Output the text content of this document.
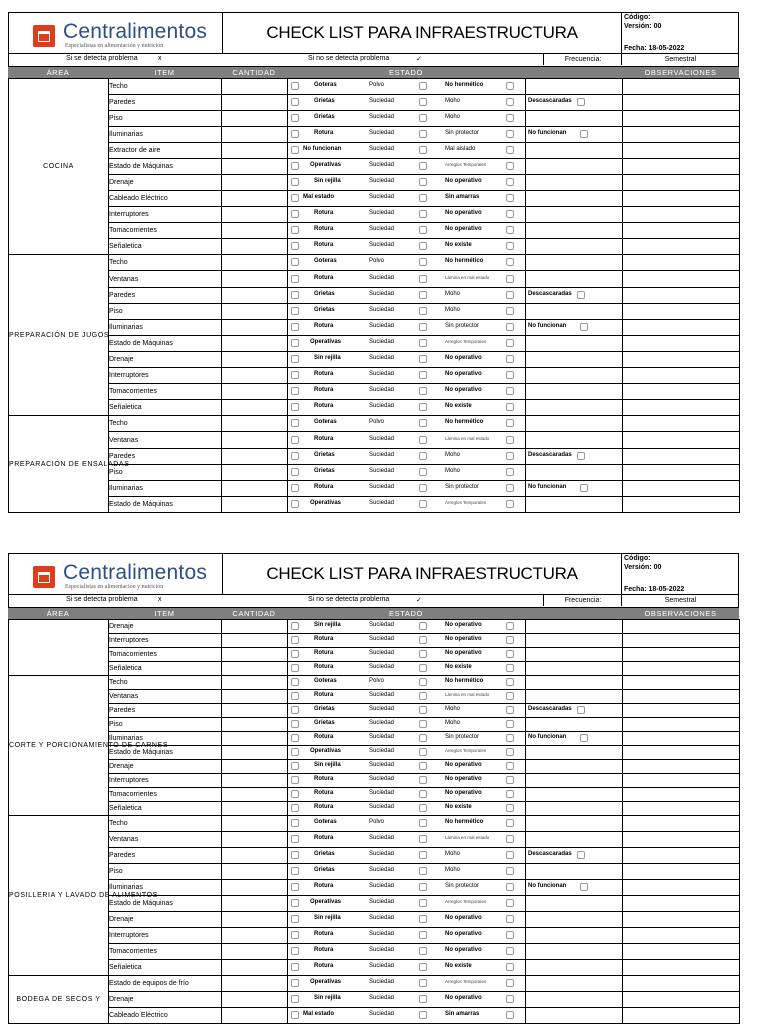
Centralimentos
Especialistas en alimentación y nutrición
CHECK LIST PARA INFRAESTRUCTURA
Código:
Versión: 00
Fecha: 18-05-2022
Si se detecta problema	x	Si no se detecta problema	✓	Frecuencia:	Semestral
ÁREA	ITEM	CANTIDAD	ESTADO	OBSERVACIONES
COCINA	Techo		Goteras Polvo No hermético		

	Paredes		Grietas Suciedad Moho	Descascaradas	

	Piso		Grietas Suciedad Moho		

	Iluminarias		Rotura Suciedad Sin protector	No funcionan	

	Extractor de aire		No funcionan Suciedad Mal aislado		

	Estado de Máquinas		Operativas Suciedad Arreglos Temporales		

	Drenaje		Sin rejilla Suciedad No operativo		

	Cableado Eléctrico		Mal estado Suciedad Sin amarras		

	Interruptores		Rotura Suciedad No operativo		

	Tomacorrientes		Rotura Suciedad No operativo		

	Señaletica		Rotura Suciedad No existe		

PREPARACIÓN DE JUGOS	Techo		Goteras Polvo No hermético		

	Ventanas		Rotura Suciedad Lámina en mal estado		

	Paredes		Grietas Suciedad Moho	Descascaradas	

	Piso		Grietas Suciedad Moho		

	Iluminarias		Rotura Suciedad Sin protector	No funcionan	

	Estado de Máquinas		Operativas Suciedad Arreglos Temporales		

	Drenaje		Sin rejilla Suciedad No operativo		

	Interruptores		Rotura Suciedad No operativo		

	Tomacorrientes		Rotura Suciedad No operativo		

	Señaletica		Rotura Suciedad No existe		

PREPARACIÓN DE ENSALADAS	Techo		Goteras Polvo No hermético		

	Ventanas		Rotura Suciedad Lámina en mal estado		

	Paredes		Grietas Suciedad Moho	Descascaradas	

	Piso		Grietas Suciedad Moho		

	Iluminarias		Rotura Suciedad Sin protector	No funcionan	

	Estado de Máquinas		Operativas Suciedad Arreglos Temporales		

Centralimentos
Especialistas en alimentación y nutrición
CHECK LIST PARA INFRAESTRUCTURA
Código:
Versión: 00
Fecha: 18-05-2022
Si se detecta problema	x	Si no se detecta problema	✓	Frecuencia:	Semestral
ÁREA	ITEM	CANTIDAD	ESTADO	OBSERVACIONES
	Drenaje		Sin rejilla Suciedad No operativo		

	Interruptores		Rotura Suciedad No operativo		

	Tomacorrientes		Rotura Suciedad No operativo		

	Señaletica		Rotura Suciedad No existe		

CORTE Y PORCIONAMIENTO DE CARNES	Techo		Goteras Polvo No hermético		

	Ventanas		Rotura Suciedad Lámina en mal estado		

	Paredes		Grietas Suciedad Moho	Descascaradas	

	Piso		Grietas Suciedad Moho		

	Iluminarias		Rotura Suciedad Sin protector	No funcionan	

	Estado de Máquinas		Operativas Suciedad Arreglos Temporales		

	Drenaje		Sin rejilla Suciedad No operativo		

	Interruptores		Rotura Suciedad No operativo		

	Tomacorrientes		Rotura Suciedad No operativo		

	Señaletica		Rotura Suciedad No existe		

POSILLERIA Y LAVADO DE ALIMENTOS	Techo		Goteras Polvo No hermético		

	Ventanas		Rotura Suciedad Lámina en mal estado		

	Paredes		Grietas Suciedad Moho	Descascaradas	

	Piso		Grietas Suciedad Moho		

	Iluminarias		Rotura Suciedad Sin protector	No funcionan	

	Estado de Máquinas		Operativas Suciedad Arreglos Temporales		

	Drenaje		Sin rejilla Suciedad No operativo		

	Interruptores		Rotura Suciedad No operativo		

	Tomacorrientes		Rotura Suciedad No operativo		

	Señaletica		Rotura Suciedad No existe		

BODEGA DE SECOS Y	Estado de equipos de frío		Operativas Suciedad Arreglos Temporales		

	Drenaje		Sin rejilla Suciedad No operativo		

	Cableado Eléctrico		Mal estado Suciedad Sin amarras		
